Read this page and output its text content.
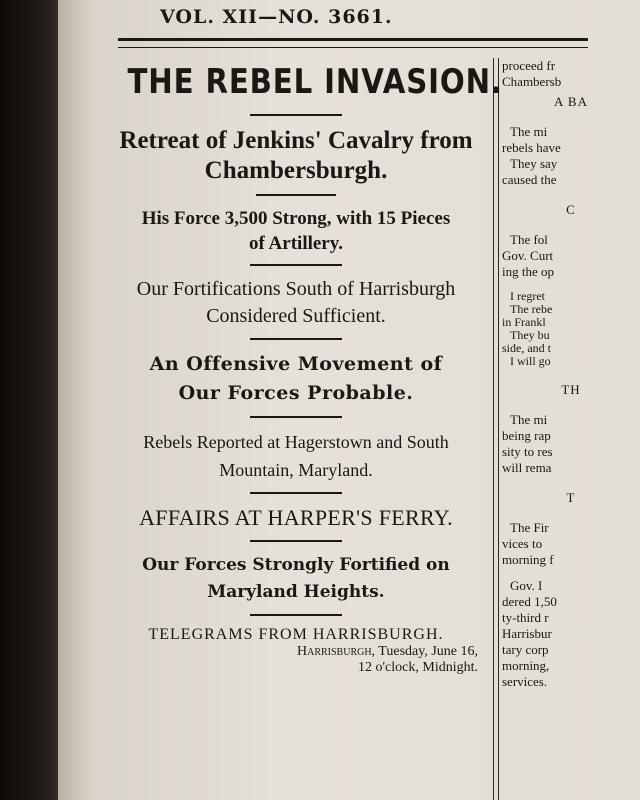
VOL. XII—NO. 3661.
THE REBEL INVASION.
Retreat of Jenkins' Cavalry from
Chambersburgh.
His Force 3,500 Strong, with 15 Pieces
of Artillery.
Our Fortifications South of Harrisburgh
Considered Sufficient.
An Offensive Movement of
Our Forces Probable.
Rebels Reported at Hagerstown and South
Mountain, Maryland.
AFFAIRS AT HARPER'S FERRY.
Our Forces Strongly Fortified on
Maryland Heights.
TELEGRAMS FROM HARRISBURGH.
Harrisburgh, Tuesday, June 16,
12 o'clock, Midnight.
proceed fr
Chambersb
A BA
The mi
rebels have
They say
caused the
C
The fol
Gov. Curt
ing the op
I regret
The rebe
in Frankl
They bu
side, and t
I will go
TH
The mi
being rap
sity to res
will rema
T
The Fir
vices to
morning f
Gov. I
dered 1,50
ty-third r
Harrisbur
tary corp
morning,
services.
